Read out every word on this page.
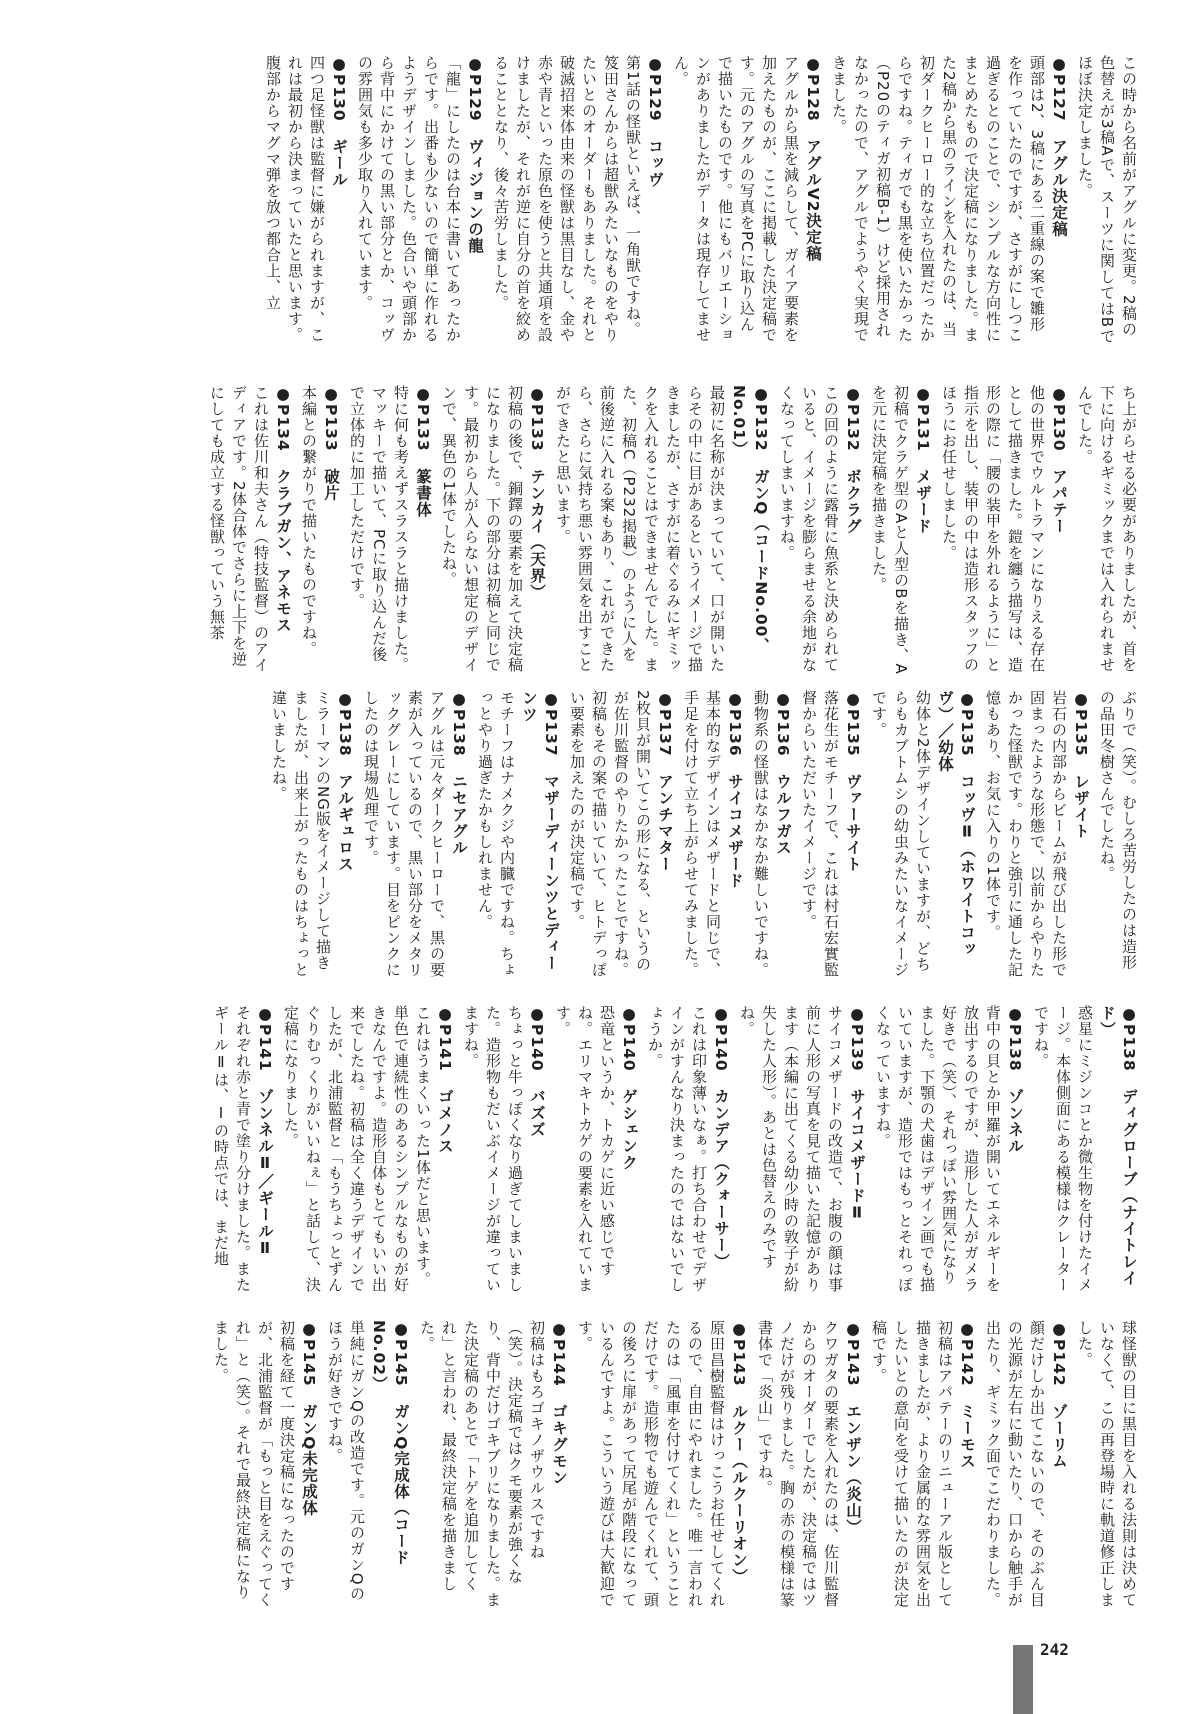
この時から名前がアグルに変更。2稿の色替えが3稿Aで、スーツに関してはBでほぼ決定しました。
●P127　アグル決定稿
頭部は2、3稿にある二重線の案で雛形を作っていたのですが、さすがにしつこ過ぎるとのことで、シンプルな方向性にまとめたもので決定稿になりました。また2稿から黒のラインを入れたのは、当初ダークヒーロー的な立ち位置だったからですね。ティガでも黒を使いたかった（P20のティガ初稿B-1）けど採用されなかったので、アグルでようやく実現できました。
●P128　アグルV2決定稿
アグルから黒を減らして、ガイア要素を加えたものが、ここに掲載した決定稿です。元のアグルの写真をPCに取り込んで描いたものです。他にもバリエーションがありましたがデータは現存してません。
●P129　コッヴ
第1話の怪獣といえば、一角獣ですね。笈田さんからは超獣みたいなものをやりたいとのオーダーもありました。それと破滅招来体由来の怪獣は黒目なし、金や赤や青といった原色を使うと共通項を設けましたが、それが逆に自分の首を絞めることとなり、後々苦労しました。
●P129　ヴィジョンの龍
「龍」にしたのは台本に書いてあったからです。出番も少ないので簡単に作れるようデザインしました。色合いや頭部から背中にかけての黒い部分とか、コッヴの雰囲気も多少取り入れています。
●P130　ギール
四つ足怪獣は監督に嫌がられますが、これは最初から決まっていたと思います。腹部からマグマ弾を放つ都合上、立
ち上がらせる必要がありましたが、首を下に向けるギミックまでは入れられませんでした。
●P130　アパテー
他の世界でウルトラマンになりえる存在として描きました。鎧を纏う描写は、造形の際に「腰の装甲を外れるように」と指示を出し、装甲の中は造形スタッフのほうにお任せしました。
●P131　メザード
初稿でクラゲ型のAと人型のBを描き、Aを元に決定稿を描きました。
●P132　ボクラグ
この回のように露骨に魚系と決められていると、イメージを膨らませる余地がなくなってしまいますね。
●P132　ガンQ（コードNo.00、No.01）
最初に名称が決まっていて、口が開いたらその中に目があるというイメージで描きましたが、さすがに着ぐるみにギミックを入れることはできませんでした。また、初稿C（P232掲載）のように人を前後逆に入れる案もあり、これができたら、さらに気持ち悪い雰囲気を出すことができたと思います。
●P133　テンカイ（天界）
初稿の後で、銅鐸の要素を加えて決定稿になりました。下の部分は初稿と同じです。最初から人が入らない想定のデザインで、異色の1体でしたね。
●P133　篆書体
特に何も考えずスラスラと描けました。マッキーで描いて、PCに取り込んだ後で立体的に加工しただけです。
●P133　破片
本編との繋がりで描いたものですね。
●P134　クラブガン、アネモス
これは佐川和夫さん（特技監督）のアイディアです。2体合体でさらに上下を逆にしても成立する怪獣っていう無茶
ぶりで（笑）。むしろ苦労したのは造形の品田冬樹さんでしたね。
●P135　レザイト
岩石の内部からビームが飛び出した形で固まったような形態で、以前からやりたかった怪獣です。わりと強引に通した記憶もあり、お気に入りの1体です。
●P135　コッヴⅡ（ホワイトコッヴ）／幼体
幼体と2体デザインしていますが、どちらもカブトムシの幼虫みたいなイメージです。
●P135　ヴァーサイト
落花生がモチーフで、これは村石宏實監督からいただいたイメージです。
●P136　ウルフガス
動物系の怪獣はなかなか難しいですね。
●P136　サイコメザード
基本的なデザインはメザードと同じで、手足を付けて立ち上がらせてみました。
●P137　アンチマター
2枚貝が開いてこの形になる、というのが佐川監督のやりたかったことですね。初稿もその案で描いていて、ヒトデっぽい要素を加えたのが決定稿です。
●P137　マザーディーンツとディーンツ
モチーフはナメクジや内臓ですね。ちょっとやり過ぎたかもしれません。
●P138　ニセアグル
アグルは元々ダークヒーローで、黒の要素が入っているので、黒い部分をメタリックグレーにしています。目をピンクにしたのは現場処理です。
●P138　アルギュロス
ミラーマンのNG版をイメージして描きましたが、出来上がったものはちょっと違いましたね。
●P138　ディグローブ（ナイトレイド）
惑星にミジンコとか微生物を付けたイメージ。本体側面にある模様はクレーターですね。
●P138　ゾンネル
背中の貝とか甲羅が開いてエネルギーを放出するのですが、造形した人がガメラ好きで（笑）、それっぽい雰囲気になりました。下顎の犬歯はデザイン画でも描いていますが、造形ではもっとそれっぽくなっていますね。
●P139　サイコメザードⅡ
サイコメザードの改造で、お腹の顔は事前に人形の写真を見て描いた記憶があります（本編に出てくる幼少時の敦子が紛失した人形）。あとは色替えのみですね。
●P140　カンデア（クォーサー）
これは印象薄いなぁ。打ち合わせでデザインがすんなり決まったのではないでしょうか。
●P140　ゲシェンク
恐竜というか、トカゲに近い感じですね。エリマキトカゲの要素を入れています。
●P140　バズズ
ちょっと牛っぽくなり過ぎてしまいました。造形物もだいぶイメージが違っていますね。
●P141　ゴメノス
これはうまくいった1体だと思います。単色で連続性のあるシンプルなものが好きなんですよ。造形自体もとてもいい出来でしたね。初稿は全く違うデザインでしたが、北浦監督と「もうちょっとずんぐりむっくりがいいねぇ」と話して、決定稿になりました。
●P141　ゾンネルⅡ／ギールⅡ
それぞれ赤と青で塗り分けました。またギールⅡは、Ⅰの時点では、まだ地
球怪獣の目に黒目を入れる法則は決めていなくて、この再登場時に軌道修正しました。
●P142　ゾーリム
顔だけしか出てこないので、そのぶん目の光源が左右に動いたり、口から触手が出たり、ギミック面でこだわりました。
●P142　ミーモス
初稿はアパテーのリニューアル版として描きましたが、より金属的な雰囲気を出したいとの意向を受けて描いたのが決定稿です。
●P143　エンザン（炎山）
クワガタの要素を入れたのは、佐川監督からのオーダーでしたが、決定稿ではツノだけが残りました。胸の赤の模様は篆書体で「炎山」ですね。
●P143　ルクー（ルクーリオン）
原田昌樹監督はけっこうお任せしてくれるので、自由にやれました。唯一言われたのは「風車を付けてくれ」ということだけです。造形物でも遊んでくれて、頭の後ろに扉があって尻尾が階段になっているんですよ。こういう遊びは大歓迎です。
●P144　ゴキグモン
初稿はもろゴキノザウルスですね（笑）。決定稿ではクモ要素が強くなり、背中だけゴキブリになりました。また決定稿のあとで「トゲを追加してくれ」と言われ、最終決定稿を描きました。
●P145　ガンQ完成体（コードNo.02）
単純にガンQの改造です。元のガンQのほうが好きですね。
●P145　ガンQ未完成体
初稿を経て一度決定稿になったのですが、北浦監督が「もっと目をえぐってくれ」と（笑）。それで最終決定稿になりました。
242
